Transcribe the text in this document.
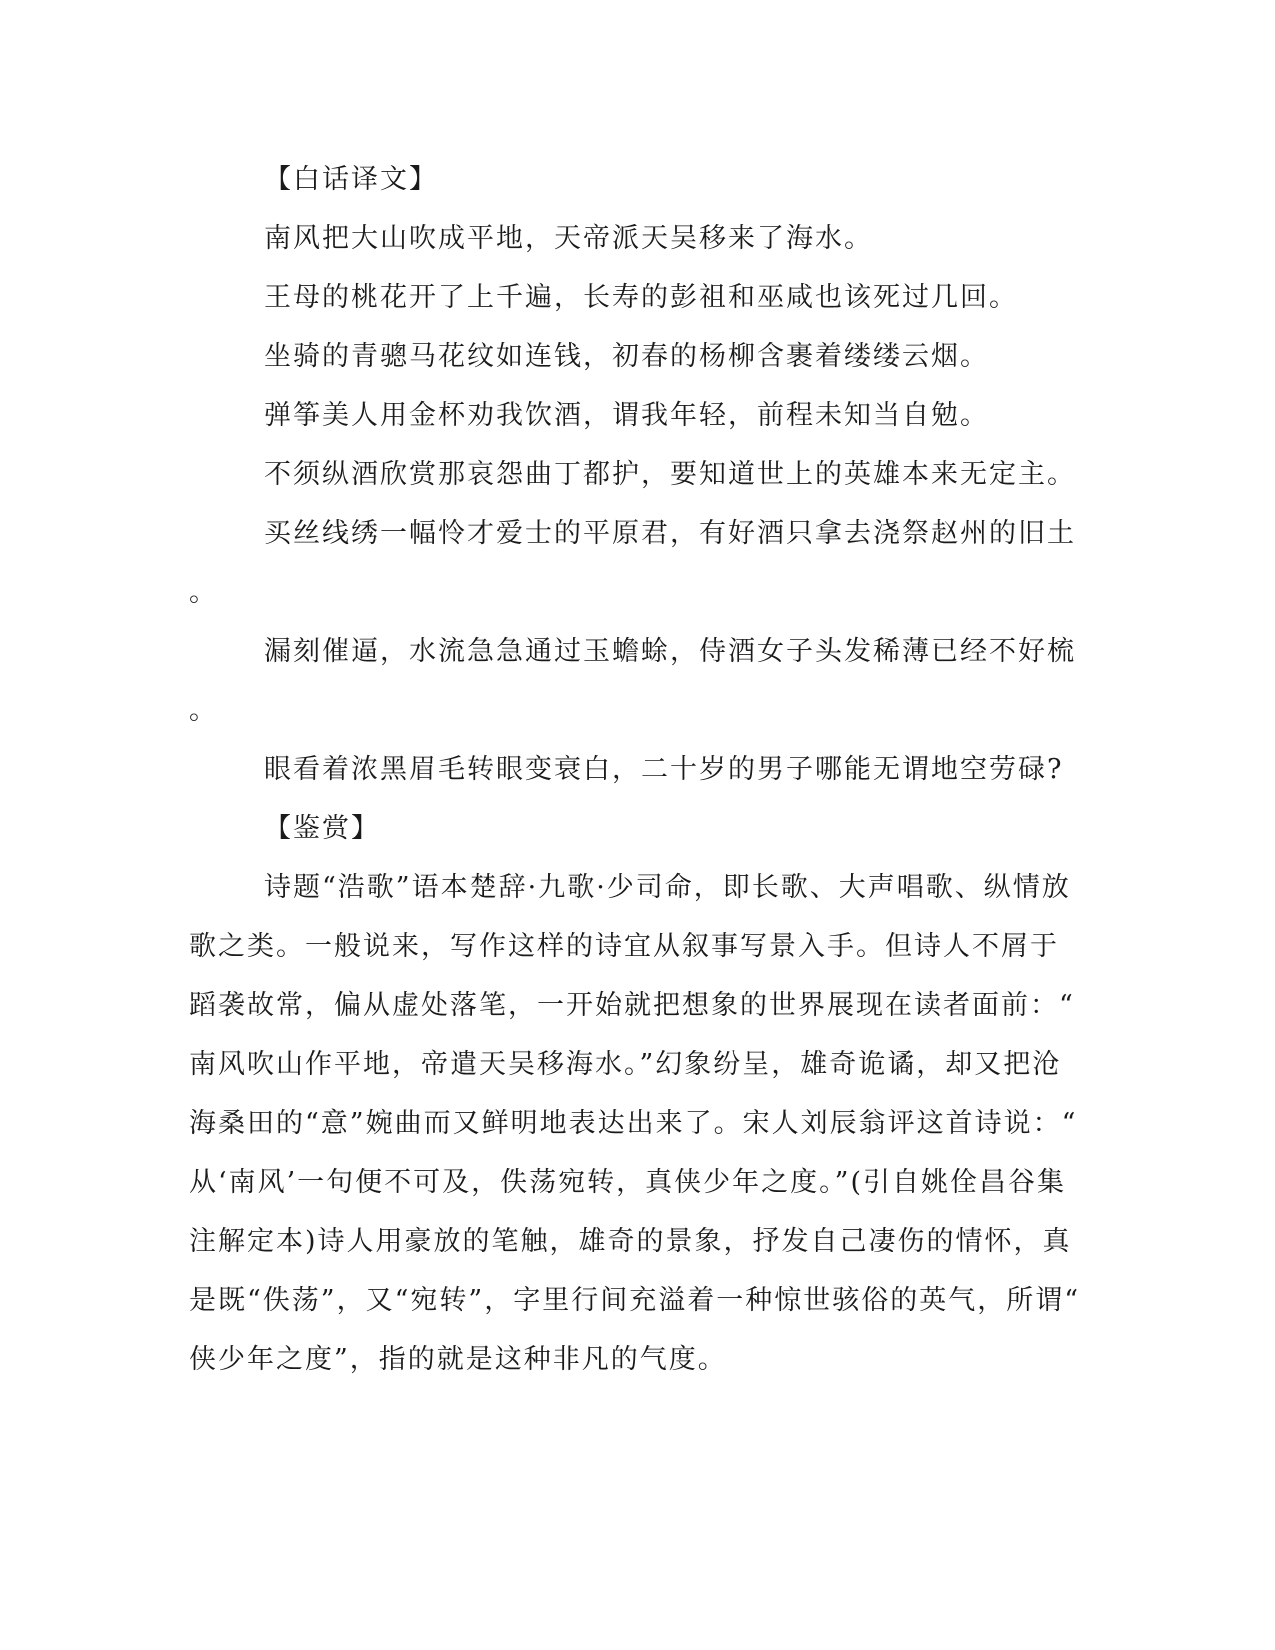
【白话译文】
南风把大山吹成平地，天帝派天吴移来了海水。
王母的桃花开了上千遍，长寿的彭祖和巫咸也该死过几回。
坐骑的青骢马花纹如连钱，初春的杨柳含裹着缕缕云烟。
弹筝美人用金杯劝我饮酒，谓我年轻，前程未知当自勉。
不须纵酒欣赏那哀怨曲丁都护，要知道世上的英雄本来无定主。
买丝线绣一幅怜才爱士的平原君，有好酒只拿去浇祭赵州的旧土
。
漏刻催逼，水流急急通过玉蟾蜍，侍酒女子头发稀薄已经不好梳
。
眼看着浓黑眉毛转眼变衰白，二十岁的男子哪能无谓地空劳碌?
【鉴赏】
诗题“浩歌”语本楚辞·九歌·少司命，即长歌、大声唱歌、纵情放
歌之类。一般说来，写作这样的诗宜从叙事写景入手。但诗人不屑于
蹈袭故常，偏从虚处落笔，一开始就把想象的世界展现在读者面前：“
南风吹山作平地，帝遣天吴移海水。”幻象纷呈，雄奇诡谲，却又把沧
海桑田的“意”婉曲而又鲜明地表达出来了。宋人刘辰翁评这首诗说：“
从‘南风’一句便不可及，佚荡宛转，真侠少年之度。”(引自姚佺昌谷集
注解定本)诗人用豪放的笔触，雄奇的景象，抒发自己凄伤的情怀，真
是既“佚荡”，又“宛转”，字里行间充溢着一种惊世骇俗的英气，所谓“
侠少年之度”，指的就是这种非凡的气度。
